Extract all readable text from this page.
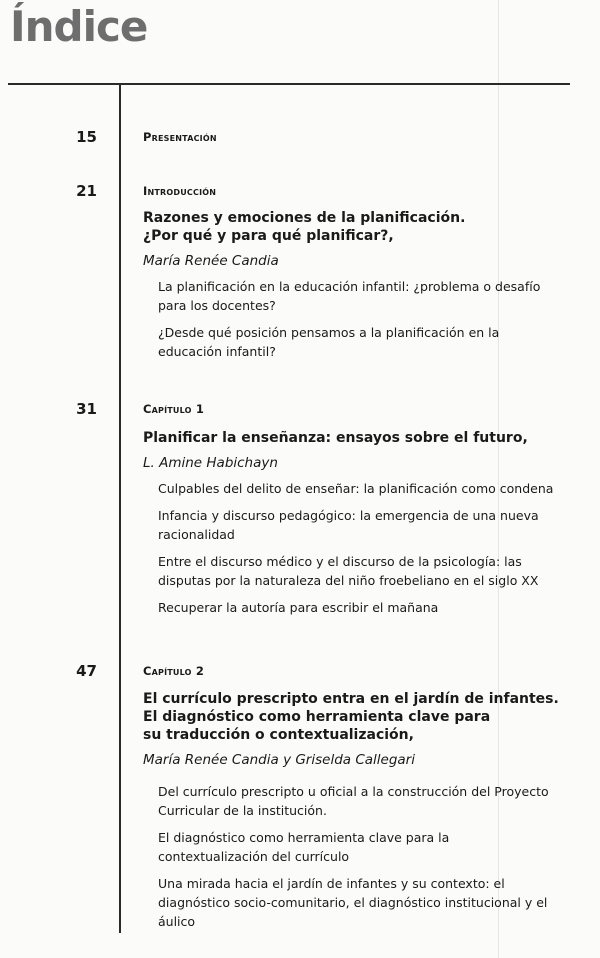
Índice
15	Presentación
21	Introducción
Razones y emociones de la planificación.
¿Por qué y para qué planificar?,
María Renée Candia
La planificación en la educación infantil: ¿problema o desafío para los docentes?
¿Desde qué posición pensamos a la planificación en la educación infantil?
31	Capítulo 1
Planificar la enseñanza: ensayos sobre el futuro,
L. Amine Habichayn
Culpables del delito de enseñar: la planificación como condena
Infancia y discurso pedagógico: la emergencia de una nueva racionalidad
Entre el discurso médico y el discurso de la psicología: las disputas por la naturaleza del niño froebeliano en el siglo XX
Recuperar la autoría para escribir el mañana
47	Capítulo 2
El currículo prescripto entra en el jardín de infantes.
El diagnóstico como herramienta clave para
su traducción o contextualización,
María Renée Candia y Griselda Callegari
Del currículo prescripto u oficial a la construcción del Proyecto Curricular de la institución.
El diagnóstico como herramienta clave para la contextualización del currículo
Una mirada hacia el jardín de infantes y su contexto: el diagnóstico socio-comunitario, el diagnóstico institucional y el áulico
